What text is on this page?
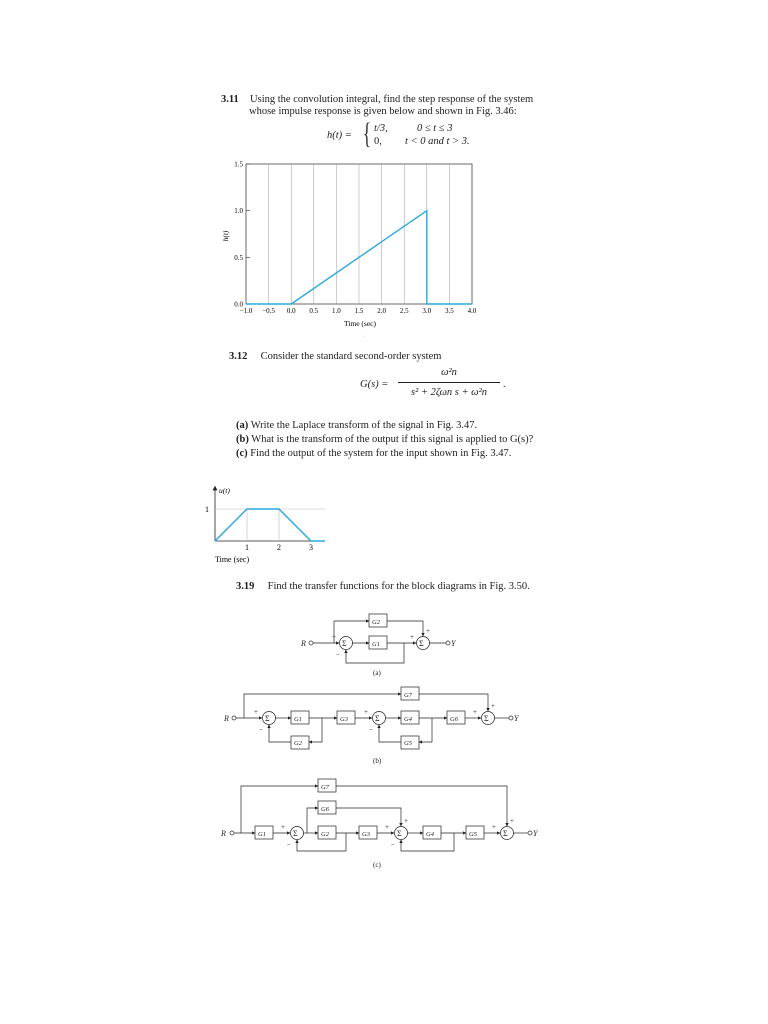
3.11 Using the convolution integral, find the step response of the system
whose impulse response is given below and shown in Fig. 3.46:
h(t) = { t/3,	0 ≤ t ≤ 3
0, t < 0 and t > 3.
−1.0 −0.5 0.0 0.5 1.0 1.5 2.0 2.5 3.0 3.5 4.0
0.0
0.5
1.0
1.5
Time (sec)
h(t)
·
3.12 Consider the standard second-order system
G(s) =
ω²n
s² + 2ζωn s + ω²n
.
(a) Write the Laplace transform of the signal in Fig. 3.47.
(b) What is the transform of the output if this signal is applied to G(s)?
(c) Find the output of the system for the input shown in Fig. 3.47.
u(t)
1
1	2	3
Time (sec)
3.19 Find the transfer functions for the block diagrams in Fig. 3.50.
R	Y
Σ	Σ
G1
G2
+
−
+
+
(a)
R	Y
Σ	Σ	Σ
G1	G3	G4	G6
G7
G2	G5
+
−
+
−
+
+
(b)
R	Y
Σ	Σ	Σ
G1	G2	G3	G4	G5
G7
G6
+
−
+
+
−
+
+
(c)
